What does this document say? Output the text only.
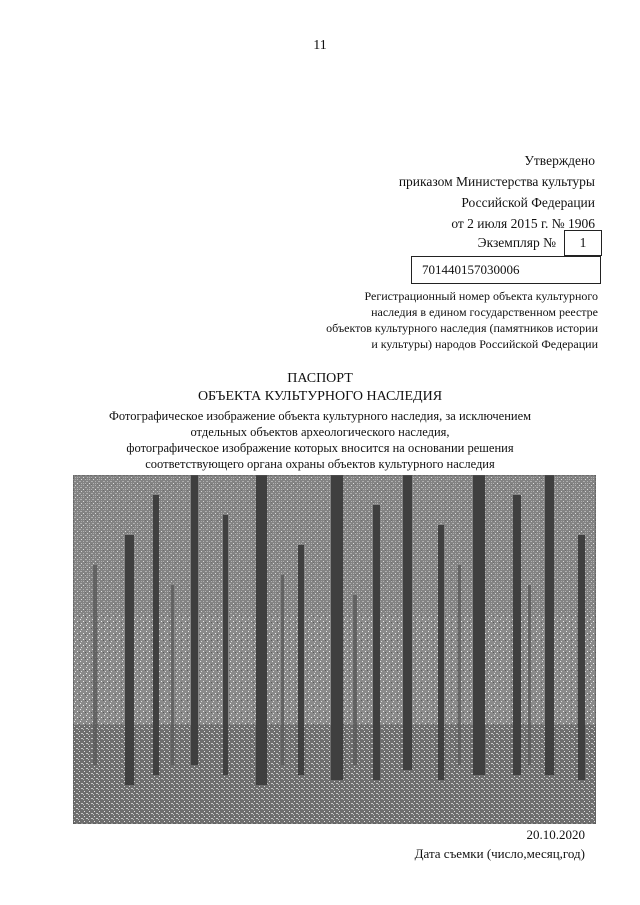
11
Утверждено
приказом Министерства культуры
Российской Федерации
от 2 июля 2015 г. № 1906
Экземпляр №	1
701440157030006
Регистрационный номер объекта культурного
наследия в едином государственном реестре
объектов культурного наследия (памятников истории
и культуры) народов Российской Федерации
ПАСПОРТ
ОБЪЕКТА КУЛЬТУРНОГО НАСЛЕДИЯ
Фотографическое изображение объекта культурного наследия, за исключением
отдельных объектов археологического наследия,
фотографическое изображение которых вносится на основании решения
соответствующего органа охраны объектов культурного наследия
20.10.2020
Дата съемки (число,месяц,год)
